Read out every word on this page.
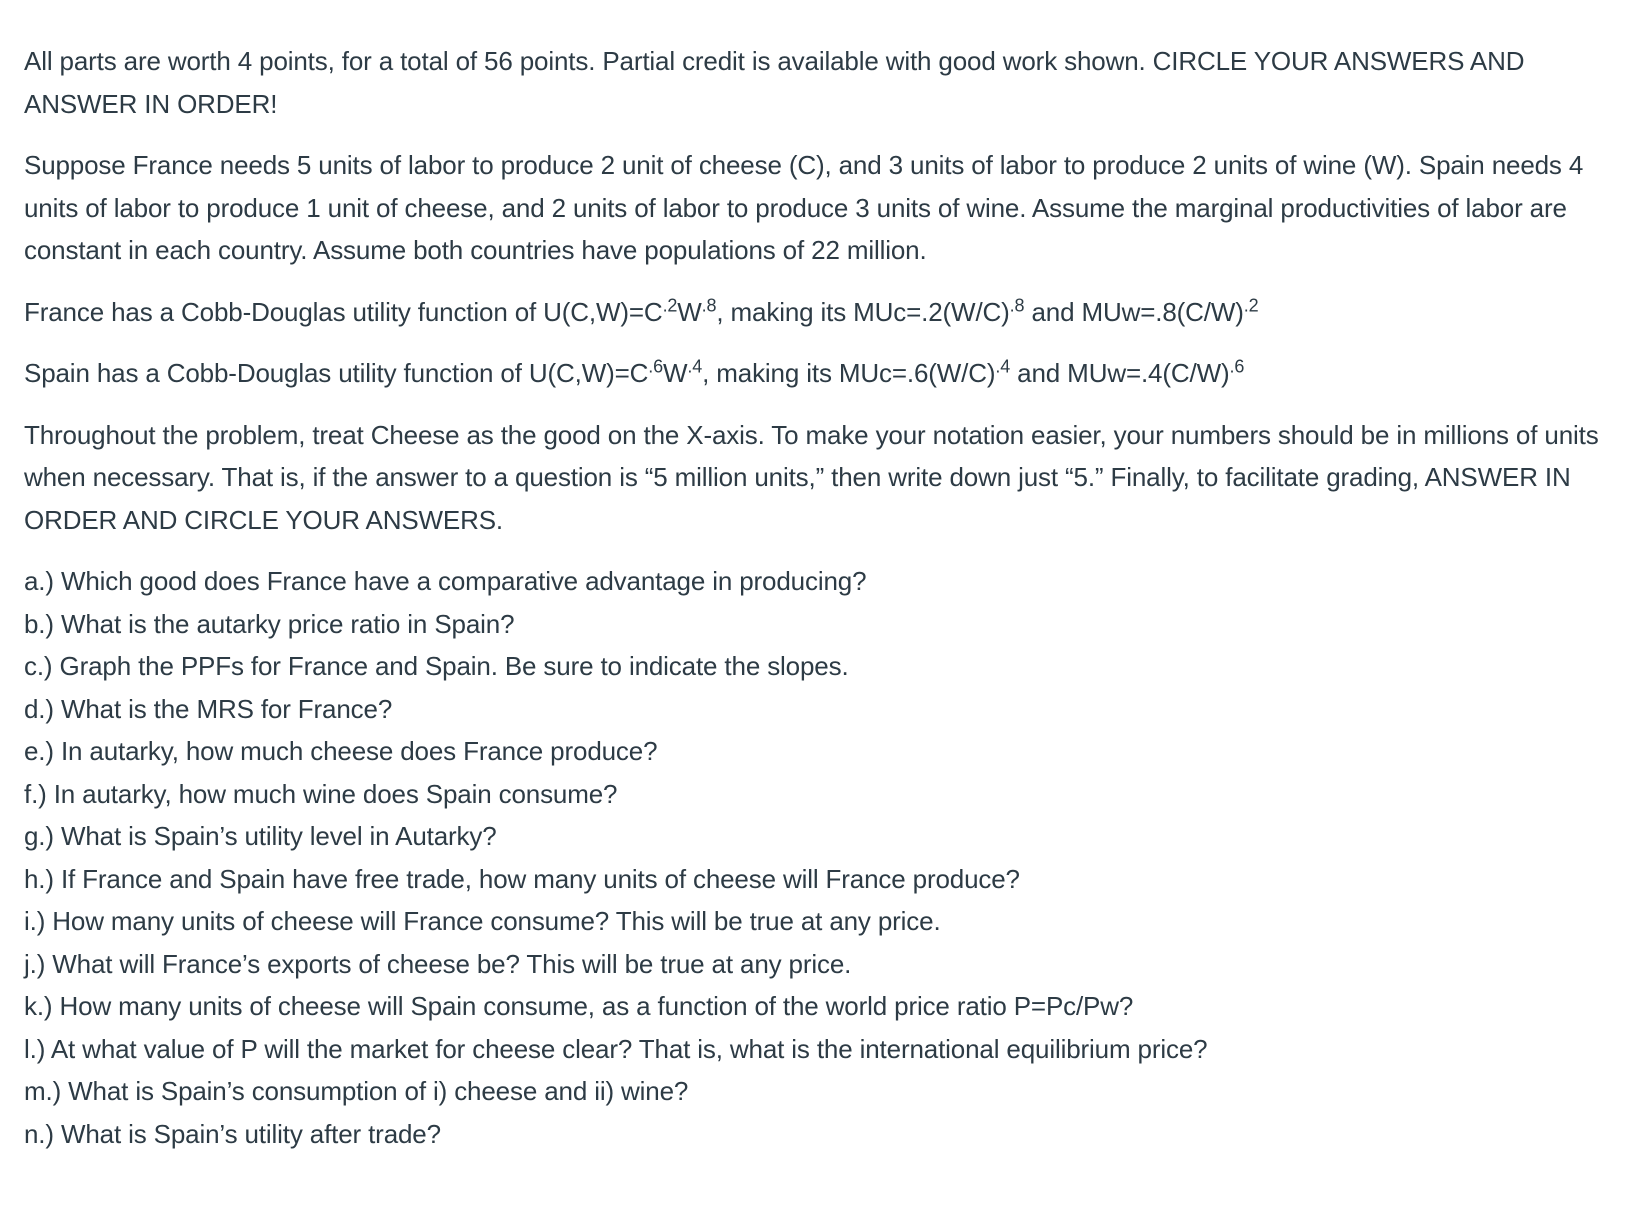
All parts are worth 4 points, for a total of 56 points. Partial credit is available with good work shown. CIRCLE YOUR ANSWERS AND ANSWER IN ORDER!

Suppose France needs 5 units of labor to produce 2 unit of cheese (C), and 3 units of labor to produce 2 units of wine (W). Spain needs 4 units of labor to produce 1 unit of cheese, and 2 units of labor to produce 3 units of wine. Assume the marginal productivities of labor are constant in each country. Assume both countries have populations of 22 million.

France has a Cobb-Douglas utility function of $U(C,W)=C^{.2}W^{.8}$, making its $MUc=.2(W/C)^{.8}$ and $MUw=.8(C/W)^{.2}$

Spain has a Cobb-Douglas utility function of $U(C,W)=C^{.6}W^{.4}$, making its $MUc=.6(W/C)^{.4}$ and $MUw=.4(C/W)^{.6}$

Throughout the problem, treat Cheese as the good on the X-axis. To make your notation easier, your numbers should be in millions of units when necessary. That is, if the answer to a question is “5 million units,” then write down just “5.” Finally, to facilitate grading, ANSWER IN ORDER AND CIRCLE YOUR ANSWERS.

a.) Which good does France have a comparative advantage in producing?
b.) What is the autarky price ratio in Spain?
c.) Graph the PPFs for France and Spain. Be sure to indicate the slopes.
d.) What is the MRS for France?
e.) In autarky, how much cheese does France produce?
f.) In autarky, how much wine does Spain consume?
g.) What is Spain’s utility level in Autarky?
h.) If France and Spain have free trade, how many units of cheese will France produce?
i.) How many units of cheese will France consume? This will be true at any price.
j.) What will France’s exports of cheese be? This will be true at any price.
k.) How many units of cheese will Spain consume, as a function of the world price ratio P=Pc/Pw?
l.) At what value of P will the market for cheese clear? That is, what is the international equilibrium price?
m.) What is Spain’s consumption of i) cheese and ii) wine?
n.) What is Spain’s utility after trade?
